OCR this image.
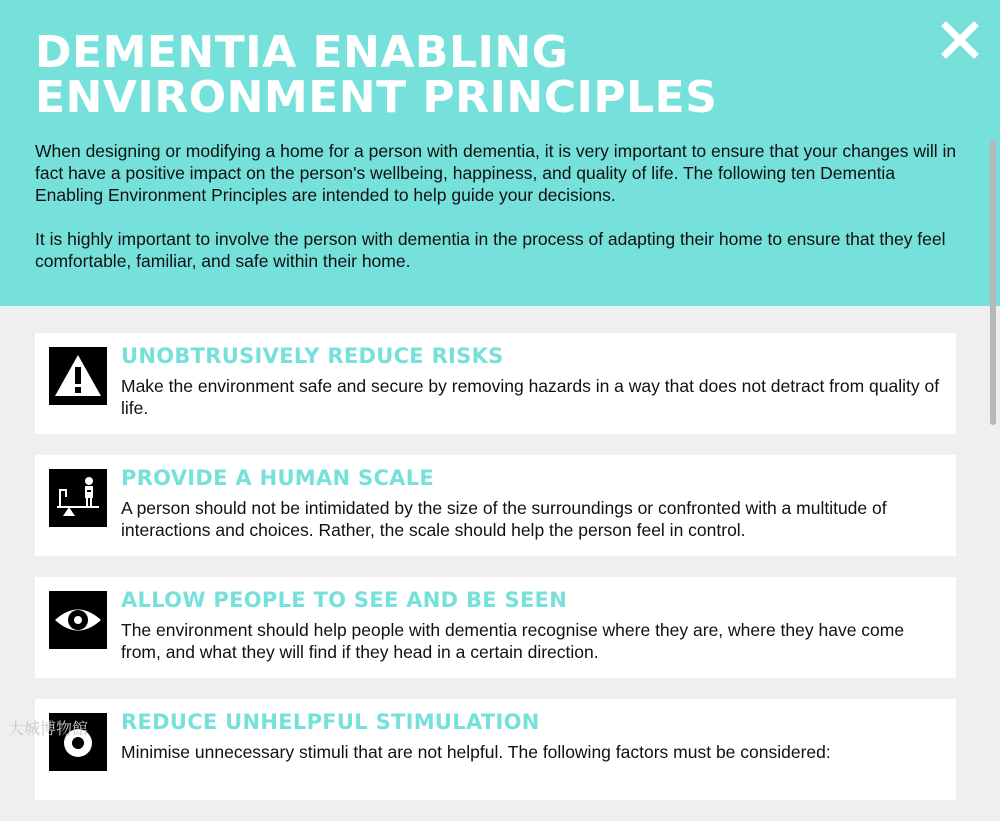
DEMENTIA ENABLING
ENVIRONMENT PRINCIPLES

When designing or modifying a home for a person with dementia, it is very important to ensure that your changes will in fact have a positive impact on the person's wellbeing, happiness, and quality of life. The following ten Dementia Enabling Environment Principles are intended to help guide your decisions.

It is highly important to involve the person with dementia in the process of adapting their home to ensure that they feel comfortable, familiar, and safe within their home.

UNOBTRUSIVELY REDUCE RISKS

Make the environment safe and secure by removing hazards in a way that does not detract from quality of life.

PROVIDE A HUMAN SCALE

A person should not be intimidated by the size of the surroundings or confronted with a multitude of interactions and choices. Rather, the scale should help the person feel in control.

ALLOW PEOPLE TO SEE AND BE SEEN

The environment should help people with dementia recognise where they are, where they have come from, and what they will find if they head in a certain direction.

REDUCE UNHELPFUL STIMULATION

Minimise unnecessary stimuli that are not helpful. The following factors must be considered:

大城博物館
